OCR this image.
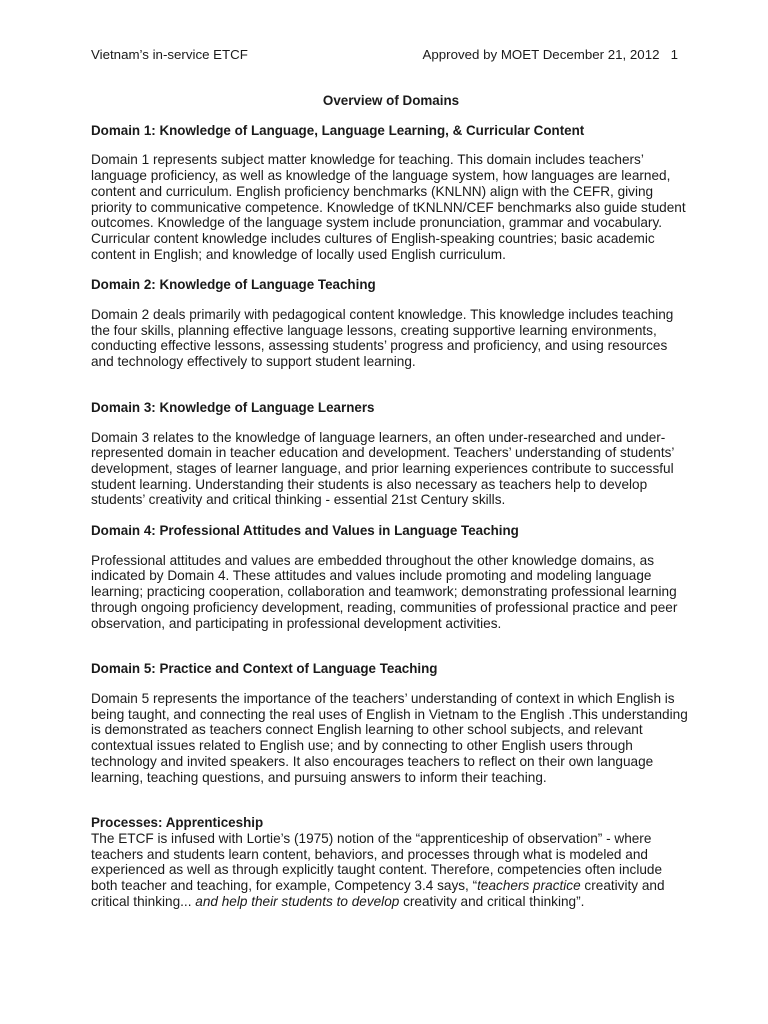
Vietnam’s in-service ETCF	Approved by MOET December 21, 2012 1
Overview of Domains
Domain 1: Knowledge of Language, Language Learning, & Curricular Content

Domain 1 represents subject matter knowledge for teaching. This domain includes teachers’ language proficiency, as well as knowledge of the language system, how languages are learned, content and curriculum. English proficiency benchmarks (KNLNN) align with the CEFR, giving priority to communicative competence. Knowledge of tKNLNN/CEF benchmarks also guide student outcomes. Knowledge of the language system include pronunciation, grammar and vocabulary. Curricular content knowledge includes cultures of English-speaking countries; basic academic content in English; and knowledge of locally used English curriculum.

Domain 2: Knowledge of Language Teaching

Domain 2 deals primarily with pedagogical content knowledge. This knowledge includes teaching the four skills, planning effective language lessons, creating supportive learning environments, conducting effective lessons, assessing students’ progress and proficiency, and using resources and technology effectively to support student learning.

Domain 3: Knowledge of Language Learners

Domain 3 relates to the knowledge of language learners, an often under-researched and under-represented domain in teacher education and development. Teachers’ understanding of students’ development, stages of learner language, and prior learning experiences contribute to successful student learning. Understanding their students is also necessary as teachers help to develop students’ creativity and critical thinking - essential 21st Century skills.

Domain 4: Professional Attitudes and Values in Language Teaching

Professional attitudes and values are embedded throughout the other knowledge domains, as indicated by Domain 4. These attitudes and values include promoting and modeling language learning; practicing cooperation, collaboration and teamwork; demonstrating professional learning through ongoing proficiency development, reading, communities of professional practice and peer observation, and participating in professional development activities.

Domain 5: Practice and Context of Language Teaching

Domain 5 represents the importance of the teachers’ understanding of context in which English is being taught, and connecting the real uses of English in Vietnam to the English .This understanding is demonstrated as teachers connect English learning to other school subjects, and relevant contextual issues related to English use; and by connecting to other English users through technology and invited speakers. It also encourages teachers to reflect on their own language learning, teaching questions, and pursuing answers to inform their teaching.

Processes: Apprenticeship

The ETCF is infused with Lortie’s (1975) notion of the “apprenticeship of observation” - where teachers and students learn content, behaviors, and processes through what is modeled and experienced as well as through explicitly taught content. Therefore, competencies often include both teacher and teaching, for example, Competency 3.4 says, “teachers practice creativity and critical thinking... and help their students to develop creativity and critical thinking”.
